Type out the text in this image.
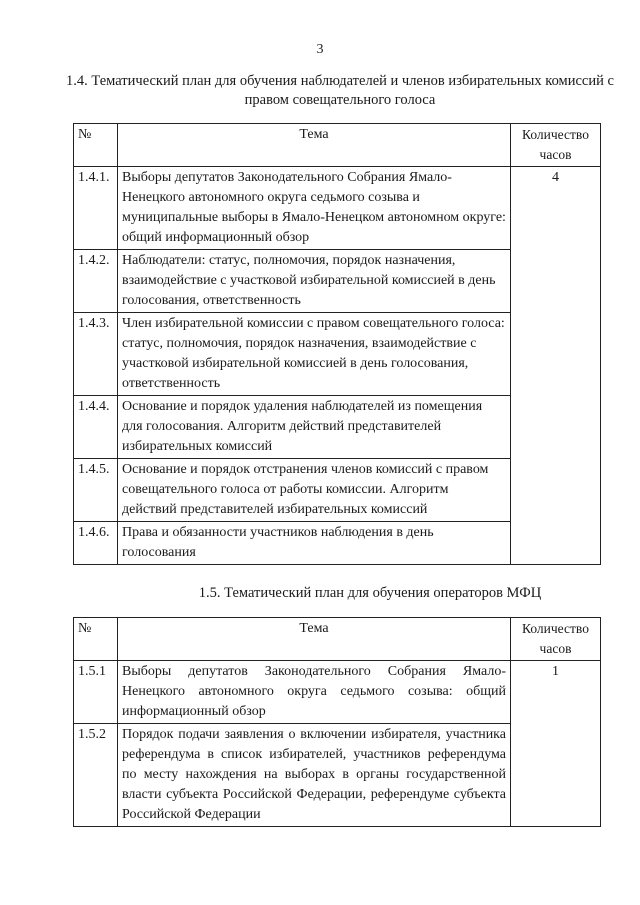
3
1.4. Тематический план для обучения наблюдателей и членов избирательных комиссий с правом совещательного голоса
№	Тема	Количество часов
1.4.1.	Выборы депутатов Законодательного Собрания Ямало-Ненецкого автономного округа седьмого созыва и муниципальные выборы в Ямало-Ненецком автономном округе: общий информационный обзор	4
1.4.2.	Наблюдатели: статус, полномочия, порядок назначения, взаимодействие с участковой избирательной комиссией в день голосования, ответственность	
1.4.3.	Член избирательной комиссии с правом совещательного голоса: статус, полномочия, порядок назначения, взаимодействие с участковой избирательной комиссией в день голосования, ответственность	
1.4.4.	Основание и порядок удаления наблюдателей из помещения для голосования. Алгоритм действий представителей избирательных комиссий	
1.4.5.	Основание и порядок отстранения членов комиссий с правом совещательного голоса от работы комиссии. Алгоритм действий представителей избирательных комиссий	
1.4.6.	Права и обязанности участников наблюдения в день голосования	
1.5. Тематический план для обучения операторов МФЦ
№	Тема	Количество часов
1.5.1	Выборы депутатов Законодательного Собрания Ямало-Ненецкого автономного округа седьмого созыва: общий информационный обзор	1
1.5.2	Порядок подачи заявления о включении избирателя, участника референдума в список избирателей, участников референдума по месту нахождения на выборах в органы государственной власти субъекта Российской Федерации, референдуме субъекта Российской Федерации	
